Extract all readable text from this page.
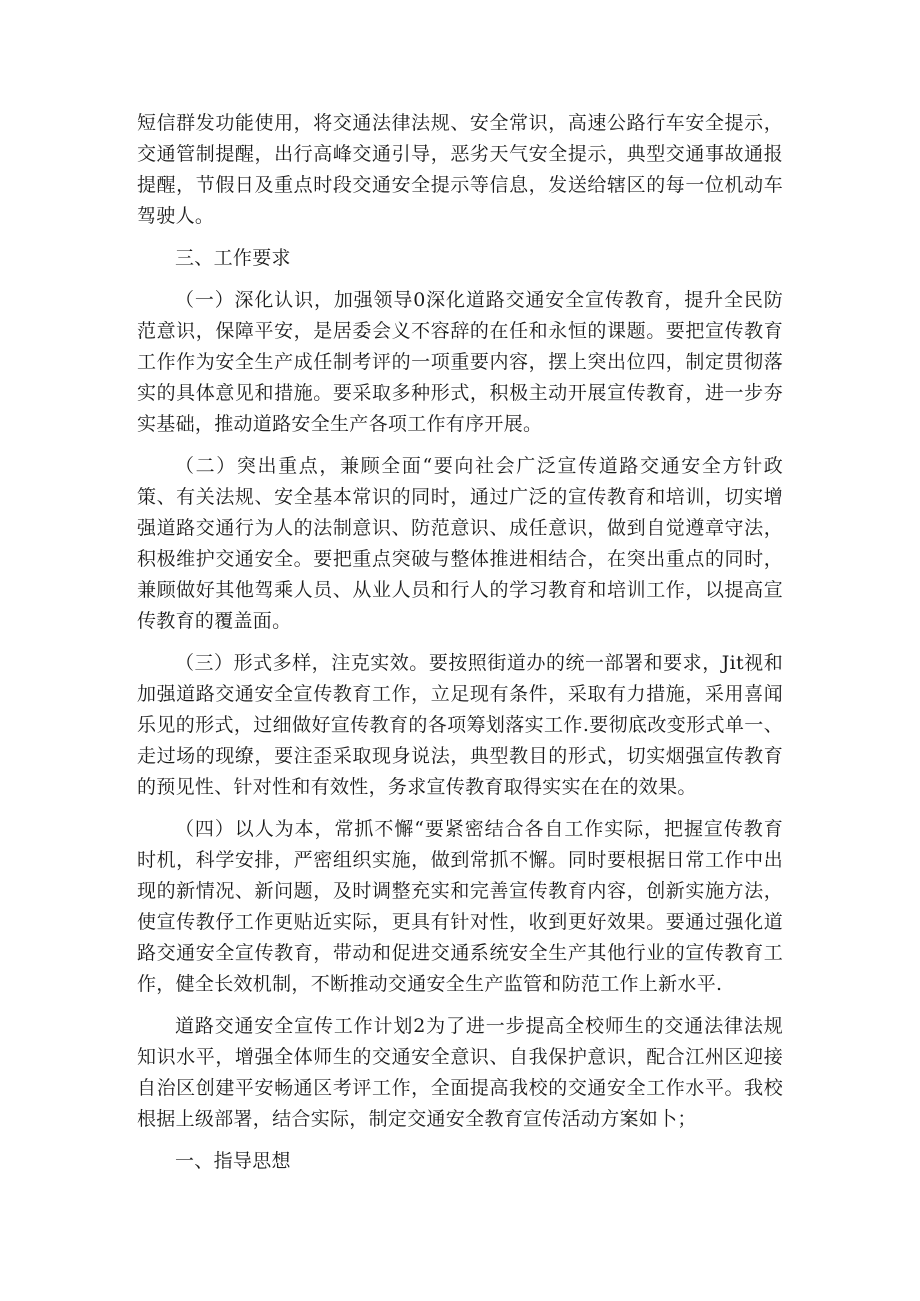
短信群发功能使用，将交通法律法规、安全常识，高速公路行车安全提示，交通管制提醒，出行高峰交通引导，恶劣天气安全提示，典型交通事故通报提醒，节假日及重点时段交通安全提示等信息，发送给辖区的每一位机动车驾驶人。

三、工作要求

（一）深化认识，加强领导0深化道路交通安全宣传教育，提升全民防范意识，保障平安，是居委会义不容辞的在任和永恒的课题。要把宣传教育工作作为安全生产成任制考评的一项重要内容，摆上突出位四，制定贯彻落实的具体意见和措施。要采取多种形式，积极主动开展宣传教育，进一步夯实基础，推动道路安全生产各项工作有序开展。

（二）突出重点，兼顾全面“要向社会广泛宣传道路交通安全方针政策、有关法规、安全基本常识的同时，通过广泛的宣传教育和培训，切实增强道路交通行为人的法制意识、防范意识、成任意识，做到自觉遵章守法，积极维护交通安全。要把重点突破与整体推进相结合，在突出重点的同时，兼顾做好其他驾乘人员、从业人员和行人的学习教育和培训工作，以提高宣传教育的覆盖面。

（三）形式多样，注克实效。要按照街道办的统一部署和要求，Jit视和加强道路交通安全宣传教育工作，立足现有条件，采取有力措施，采用喜闻乐见的形式，过细做好宣传教育的各项筹划落实工作.要彻底改变形式单一、走过场的现缭，要注歪采取现身说法，典型教目的形式，切实烟强宣传教育的预见性、针对性和有效性，务求宣传教育取得实实在在的效果。

（四）以人为本，常抓不懈“要紧密结合各自工作实际，把握宣传教育时机，科学安排，严密组织实施，做到常抓不懈。同时要根据日常工作中出现的新情况、新问题，及时调整充实和完善宣传教育内容，创新实施方法，使宣传教伃工作更贴近实际，更具有针对性，收到更好效果。要通过强化道路交通安全宣传教育，带动和促进交通系统安全生产其他行业的宣传教育工作，健全长效机制，不断推动交通安全生产监管和防范工作上新水平.

道路交通安全宣传工作计划2为了进一步提高全校师生的交通法律法规知识水平，增强全体师生的交通安全意识、自我保护意识，配合江州区迎接自治区创建平安畅通区考评工作，全面提高我校的交通安全工作水平。我校根据上级部署，结合实际，制定交通安全教育宣传活动方案如卜；

一、指导思想
